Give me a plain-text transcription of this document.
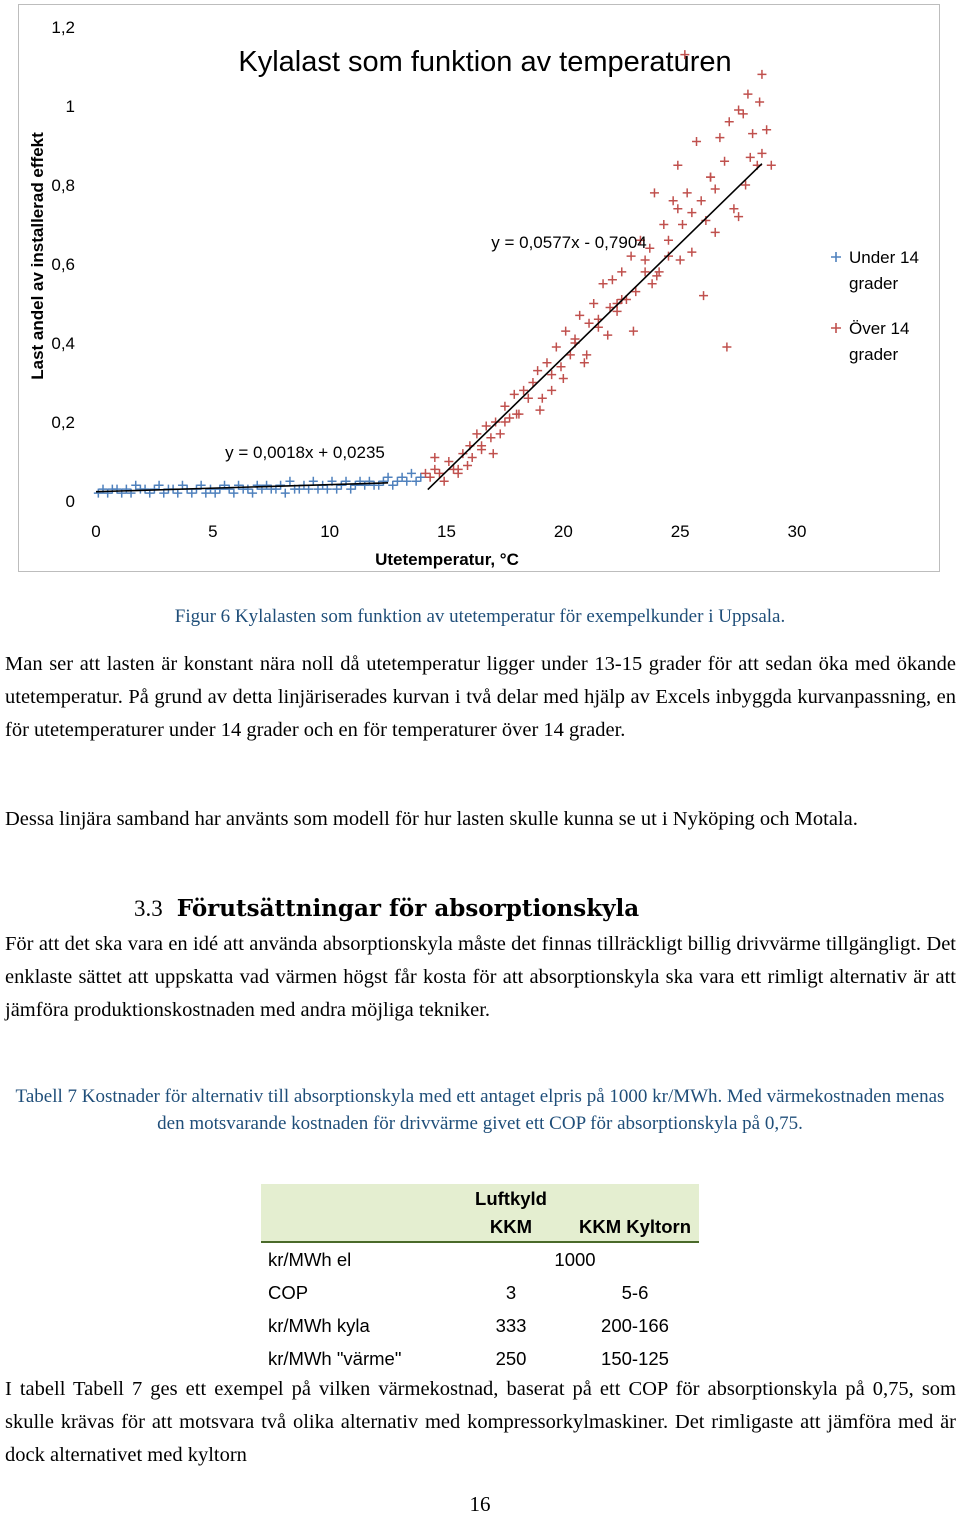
Kylalast som funktion av temperaturen
Last andel av installerad effekt
Utetemperatur, °C
0	5	10	15	20	25	30
0
0,2
0,4
0,6
0,8
1
1,2
y = 0,0018x + 0,0235
y = 0,0577x - 0,7904
Under 14 grader
Över 14 grader
Figur 6 Kylalasten som funktion av utetemperatur för exempelkunder i Uppsala.

Man ser att lasten är konstant nära noll då utetemperatur ligger under 13-15 grader för att sedan öka med ökande utetemperatur. På grund av detta linjäriserades kurvan i två delar med hjälp av Excels inbyggda kurvanpassning, en för utetemperaturer under 14 grader och en för temperaturer över 14 grader.

Dessa linjära samband har använts som modell för hur lasten skulle kunna se ut i Nyköping och Motala.

3.3 Förutsättningar för absorptionskyla

För att det ska vara en idé att använda absorptionskyla måste det finnas tillräckligt billig drivvärme tillgängligt. Det enklaste sättet att uppskatta vad värmen högst får kosta för att absorptionskyla ska vara ett rimligt alternativ är att jämföra produktionskostnaden med andra möjliga tekniker.

Tabell 7 Kostnader för alternativ till absorptionskyla med ett antaget elpris på 1000 kr/MWh. Med värmekostnaden menas den motsvarande kostnaden för drivvärme givet ett COP för absorptionskyla på 0,75.
	Luftkyld KKM	KKM Kyltorn
kr/MWh el	1000	
COP	3	5-6
kr/MWh kyla	333	200-166
kr/MWh "värme"	250	150-125

I tabell Tabell 7 ges ett exempel på vilken värmekostnad, baserat på ett COP för absorptionskyla på 0,75, som skulle krävas för att motsvara två olika alternativ med kompressorkylmaskiner. Det rimligaste att jämföra med är dock alternativet med kyltorn

16
